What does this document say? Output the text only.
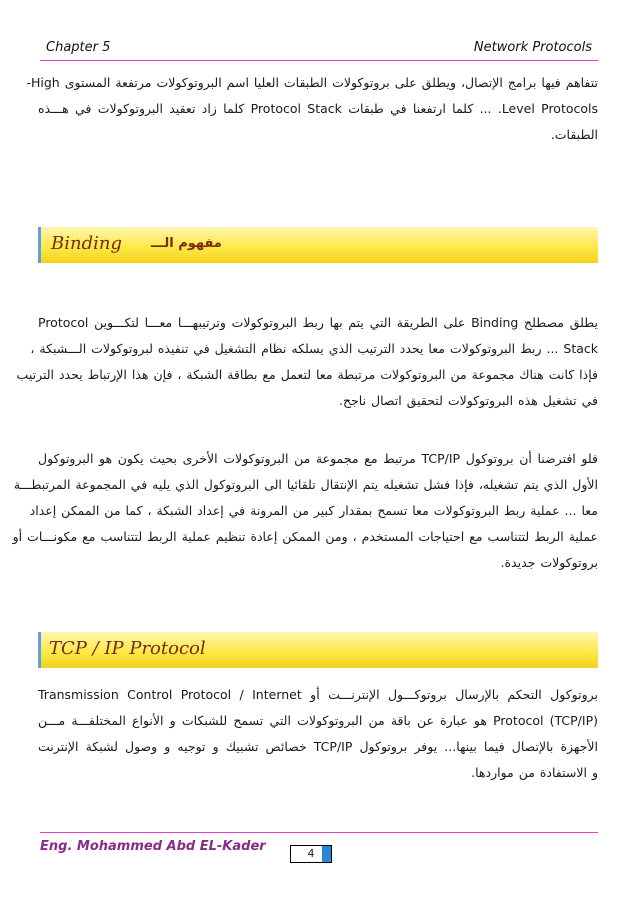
Chapter 5	Network Protocols
تتفاهم فيها برامج الإتصال، ويطلق على بروتوكولات الطبقات العليا اسم البروتوكولات مرتفعة المستوى High-
Level Protocols. ... كلما ارتفعنا في طبقات Protocol Stack كلما زاد تعقيد البروتوكولات في هـــذه
الطبقات.
Binding مفهوم الـــ
يطلق مصطلح Binding على الطريقة التي يتم بها ربط البروتوكولات وترتيبهـــا معـــا لتكـــوين Protocol
Stack ... ربط البروتوكولات معا يحدد الترتيب الذي يسلكه نظام التشغيل في تنفيذه لبروتوكولات الـــشبكة ،
فإذا كانت هناك مجموعة من البروتوكولات مرتبطة معا لتعمل مع بطاقة الشبكة ، فإن هذا الإرتباط يحدد الترتيب
في تشغيل هذه البروتوكولات لتحقيق اتصال ناجح.
فلو افترضنا أن بروتوكول TCP/IP مرتبط مع مجموعة من البروتوكولات الأخرى بحيث يكون هو البروتوكول
الأول الذي يتم تشغيله، فإذا فشل تشغيله يتم الإنتقال تلقائيا الى البروتوكول الذي يليه في المجموعة المرتبطـــة
معا ... عملية ربط البروتوكولات معا تسمح بمقدار كبير من المرونة في إعداد الشبكة ، كما من الممكن إعداد
عملية الربط لتتناسب مع احتياجات المستخدم ، ومن الممكن إعادة تنظيم عملية الربط لتتناسب مع مكونـــات أو
بروتوكولات جديدة.
TCP / IP Protocol
بروتوكول التحكم بالإرسال بروتوكـــول الإنترنـــت أو Transmission Control Protocol / Internet
Protocol (TCP/IP) هو عبارة عن باقة من البروتوكولات التي تسمح للشبكات و الأنواع المختلفـــة مـــن
الأجهزة بالإتصال فيما بينها... يوفر بروتوكول TCP/IP خصائص تشبيك و توجيه و وصول لشبكة الإنترنت
و الاستفادة من مواردها.
Eng. Mohammed Abd EL-Kader	4
